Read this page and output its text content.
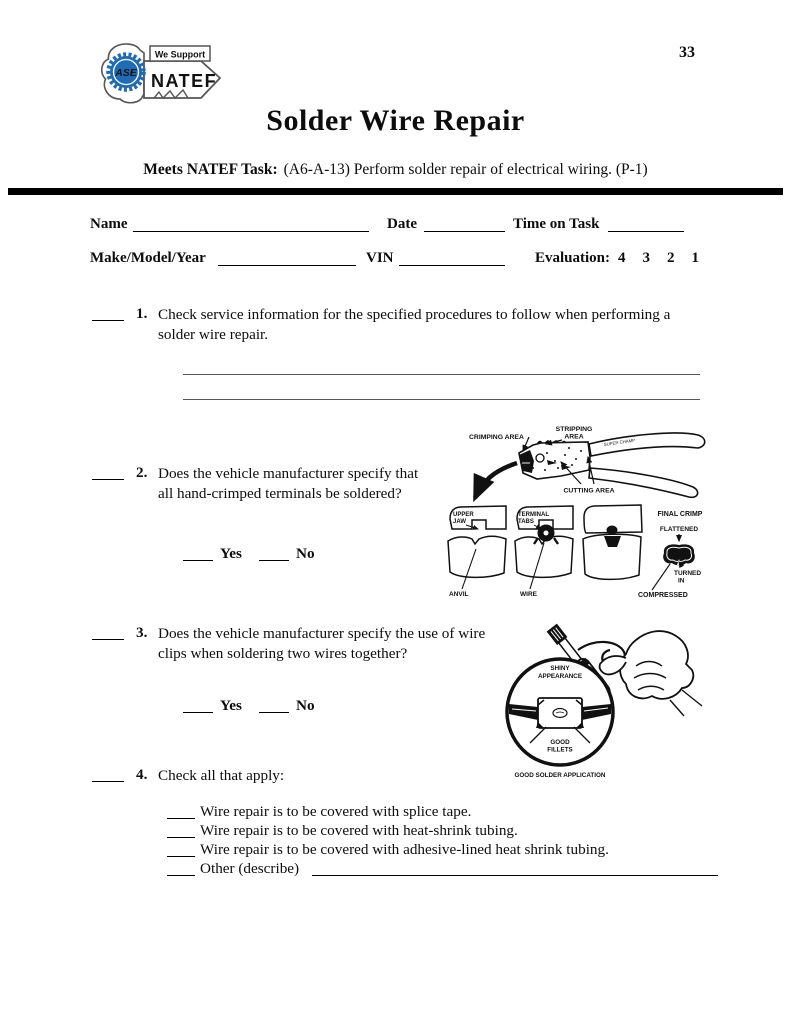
We Support
NATEF
ASE
33
Solder Wire Repair
Meets NATEF Task: (A6-A-13) Perform solder repair of electrical wiring. (P-1)
Name	Date	Time on Task
Make/Model/Year	VIN	Evaluation: 4 3 2 1
1. Check service information for the specified procedures to follow when performing a solder wire repair.
2. Does the vehicle manufacturer specify that all hand-crimped terminals be soldered?
Yes	No
SUPER CHAMP
CRIMPING AREA
STRIPPING
AREA
CUTTING AREA
UPPER
JAW
ANVIL
TERMINAL
TABS
WIRE
FINAL CRIMP
FLATTENED
TURNED
IN
COMPRESSED
3. Does the vehicle manufacturer specify the use of wire clips when soldering two wires together?
Yes	No
SHINY
APPEARANCE
GOOD
FILLETS
GOOD SOLDER APPLICATION
4. Check all that apply:
Wire repair is to be covered with splice tape.
Wire repair is to be covered with heat-shrink tubing.
Wire repair is to be covered with adhesive-lined heat shrink tubing.
Other (describe)
